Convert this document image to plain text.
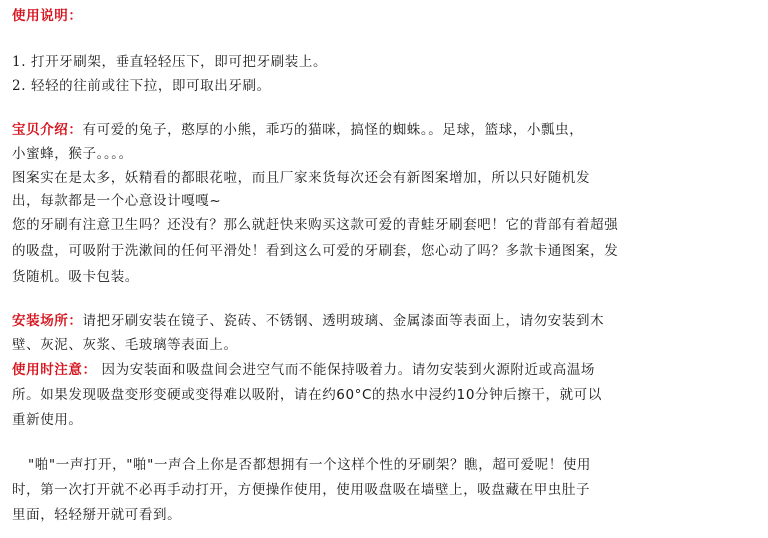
使用说明：
1. 打开牙刷架，垂直轻轻压下，即可把牙刷装上。
2. 轻轻的往前或往下拉，即可取出牙刷。
宝贝介绍：有可爱的兔子，憨厚的小熊，乖巧的猫咪，搞怪的蜘蛛。。足球，篮球，小瓢虫，
小蜜蜂，猴子。。。。
图案实在是太多，妖精看的都眼花啦，而且厂家来货每次还会有新图案增加，所以只好随机发
出，每款都是一个心意设计嘎嘎~
您的牙刷有注意卫生吗？还没有？那么就赶快来购买这款可爱的青蛙牙刷套吧！它的背部有着超强
的吸盘，可吸附于洗漱间的任何平滑处！看到这么可爱的牙刷套，您心动了吗？多款卡通图案，发
货随机。吸卡包装。
安装场所：请把牙刷安装在镜子、瓷砖、不锈钢、透明玻璃、金属漆面等表面上，请勿安装到木
壁、灰泥、灰浆、毛玻璃等表面上。
使用时注意： 因为安装面和吸盘间会进空气而不能保持吸着力。请勿安装到火源附近或高温场
所。如果发现吸盘变形变硬或变得难以吸附，请在约60°C的热水中浸约10分钟后擦干，就可以
重新使用。
"啪"一声打开，"啪"一声合上你是否都想拥有一个这样个性的牙刷架？瞧，超可爱呢！使用
时，第一次打开就不必再手动打开，方便操作使用，使用吸盘吸在墙壁上，吸盘藏在甲虫肚子
里面，轻轻掰开就可看到。
